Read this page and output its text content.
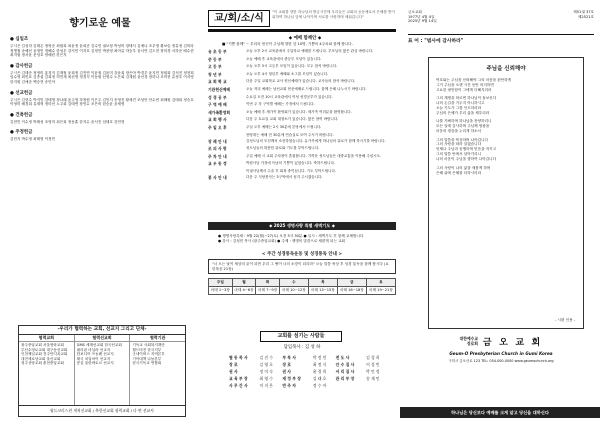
향기로운 예물
● 십일조
주시은 김성하 김태온 정영준 최원희 최윤정 윤희준 김수민 권보형 박성미 장태식 김예나 조우영 황보슬 정유정 김미라 정병철 송혜선 윤정민 정해수 한성우 강지민 이지호 김정민 박찬영 최아름 하승우 윤서연 김도현 장미경 서하준 배수현 최지원 정서윤 문성호 양혜린 한은지
● 감사헌금
주시은 김태준 정영미 홍경지 김재철 윤희정 김진연 이윤철 김윤미 강윤희 장은아 박경우 윤지민 정원희 김석진 정현희 임수영 최민호 김종섭 김희정 허민재 최선영 정경식 이동원 신영수 노은희 김재원 윤선경 장하나 조미현 유정우 이서영 한지원 김예준 백승현 송민아
● 선교헌금
주시은 김현수 박지민 강태영 정나래 윤주영 하정원 이은주 김민지 송영진 황세진 조성민 안수빈 최혜원 김태희 정승호 이영미 배경희 유재혁 정미선 노주희 김태연 장민수 조은비 한승윤 윤세영
● 건축헌금
김현민 이수정 박태성 조영미 최은희 정동훈 한지수 윤서진 임태호 강민영
● 주정헌금
김민지 박수영 최태영 이정민
-우리가 협력하는 교회, 선교지 그리고 단체-
협력교회
광주중앙교회 서울영락교회
부산수영로교회 대구동신교회
인천제일교회 전주안디옥교회
대전새로남교회 울산교회
청주상당교회 춘천중앙교회
협력선교회
GMS 세계선교회 한국선교회
필리핀 마닐라 선교지
캄보디아 프놈펜 선교지
태국 치앙마이 선교지
몽골 울란바토르 선교지
협력기관
기독교 사회복지재단
월드비전 한국지부
굿네이버스 지역본부
기아대책 나눔본부
한국기독교 연합회
월드크리스천 개척선교회 / 북한선교회 협력교회 / 다 면 선교사
교/회/소/식
"이 교회를 향한 하나님의 방금시간에 우리들은 교회의 공동체로서 은혜를 받기 위하여 하나님 앞에 나아가며 서로를 사랑하며 세워갑니다"
◆ 예배 함께안 ◆
■ "기쁨 함께" ~ 우리의 헌신이 주님께 향한 앞 10명, 기쁨의 4주차와 함께 합니다.
유 초 등 부	오늘 오후 2시 교육관에서 주일학교 예배를 드립니다. 부모님의 많은 관심 바랍니다.
중 등 부	오늘 예배 후 교육관에서 중등부 모임이 있습니다.
고 등 부	오늘 오후 3시 고등부 모임이 있습니다. 모두 참석 바랍니다.
청 년 부	오늘 오후 4시 청년부 예배와 소그룹 모임이 있습니다.
교 회 학 교	다음 주일 교회학교 교사 헌신예배가 있습니다. 교사들의 참석 바랍니다.
기관헌신예배	오늘 저녁 예배는 남선교회 헌신예배로 드립니다. 함께 은혜 나누시기 바랍니다.
성 경 공 부	수요일 오전 10시 교육관에서 여성 성경공부가 있습니다.
구 역 예 배	이번 주 각 구역별 예배는 가정에서 드립니다.
새가족환영회	오늘 예배 후 새가족 환영회가 있습니다. 새가족 여러분을 환영합니다.
교 회 행 사	다음 주 토요일 교회 대청소가 있습니다. 많은 참여 바랍니다.
주 일 오 후	주일 오후 예배는 2시 30분에 본당에서 드립니다.
찬양대는 예배 전 30분에 연습실로 모여 주시기 바랍니다.
장 례 안 내	김성도님의 모친께서 소천하셨습니다. 유가족에게 하나님의 위로가 함께 하시기를 바랍니다.
조 의 사 랑	성도님들의 따뜻한 위로와 기도를 부탁드립니다.
주 차 안 내	주일 예배 시 교회 주차장이 혼잡합니다. 가까운 성도님들은 대중교통을 이용해 주십시오.
교 우 동 정	박집사님 가정에 득남의 기쁨이 있었습니다. 축하드립니다.
이권사님께서 수술 후 회복 중이십니다. 기도 부탁드립니다.
봉 사 안 내	다음 주 식당봉사는 3구역에서 섬겨 주시겠습니다.
◆ 2025 생명사랑 특별 새벽기도 ◆
● 생명사랑특새 : 9월 22(월)~27(토) 오전 5시 30분 ● 일시 : 새벽기도 후 함께 교제합니다
● 강사 : 김성민 목사 (광주중앙교회) ● 주제 : 생명의 말씀으로 새롭게 되는 교회
< 주간 성경통독운동 및 성경통독 안내 >
"너 오는 날이 세상의 끝이 되면 우리 그 땅이 너의 소망이 되리라" 오늘 말씀 묵상 후 성경 통독을 함께 합시다 (요한복음 21장)
주일	월	화	수	목	금	토
마태 1~3장	마태 4~6장	마태 7~9장	마태 10~12장	마태 13~15장	마태 16~18장	마태 19~21장
교회를 섬기는 사람들
담임목사 : 김 성 하
협 동 목 사	김 진 수	부 목 사	박 정 민	전 도 사	김 성 희
장 로	김 영 호	장 로	최 정 식	안 수 집 사	이 성 민
권 사	정 미 숙	권 사	윤 경 희	서 리 집 사	박 민 정
교 육 부 장	최 영 수	재 정 부 장	김 태 호	관 리 부 장	송 재 민
사 무 간 사	이 지 은	반 주 자	정 수 아		
금오교회
1977년 4월 4일
2025년 9월 14일
제51권 37호
제2521호
표 어 : "범사에 감사하라"
주님을 신뢰해야
여호와는 주님을 신뢰해야 그의 마음을 편안하게
그가 주님을 오랜 시간 동안 의지하면
고요한 평안함이 그에게 더해지리라
그의 계명을 따르면 하나님이 돌보신다
나의 손길을 거두지 아니하시고
오늘 기도가 그를 인도하리라
주님의 은혜가 우리 삶을 채우리라
나를 기뻐하며 하나님을 찬양하리니
모든 일에 감사하며 주님께 영광을
마음의 평강을 누리게 하소서
그의 말씀을 묵상하며 나아갑니다
그의 사랑을 따라 살겠습니다
언제나 주님과 동행하며 믿음을 지키고
그의 말씀 안에서 살아가리니
나의 마음이 주님을 향하여 나아갑니다
그의 사랑이 나의 삶을 새롭게 하며
은혜 위에 은혜를 더하시리라
- 시편 인용 -
대한예수교
장로회 금 오 교 회
Geum-O Presbyterian Church in Gumi Korea
구미시 금오산로 123 TEL: 054-000-0000 www.geumochurch.org
하나님은 당신보다 예배를 크게 알고 당신을 대하신다
